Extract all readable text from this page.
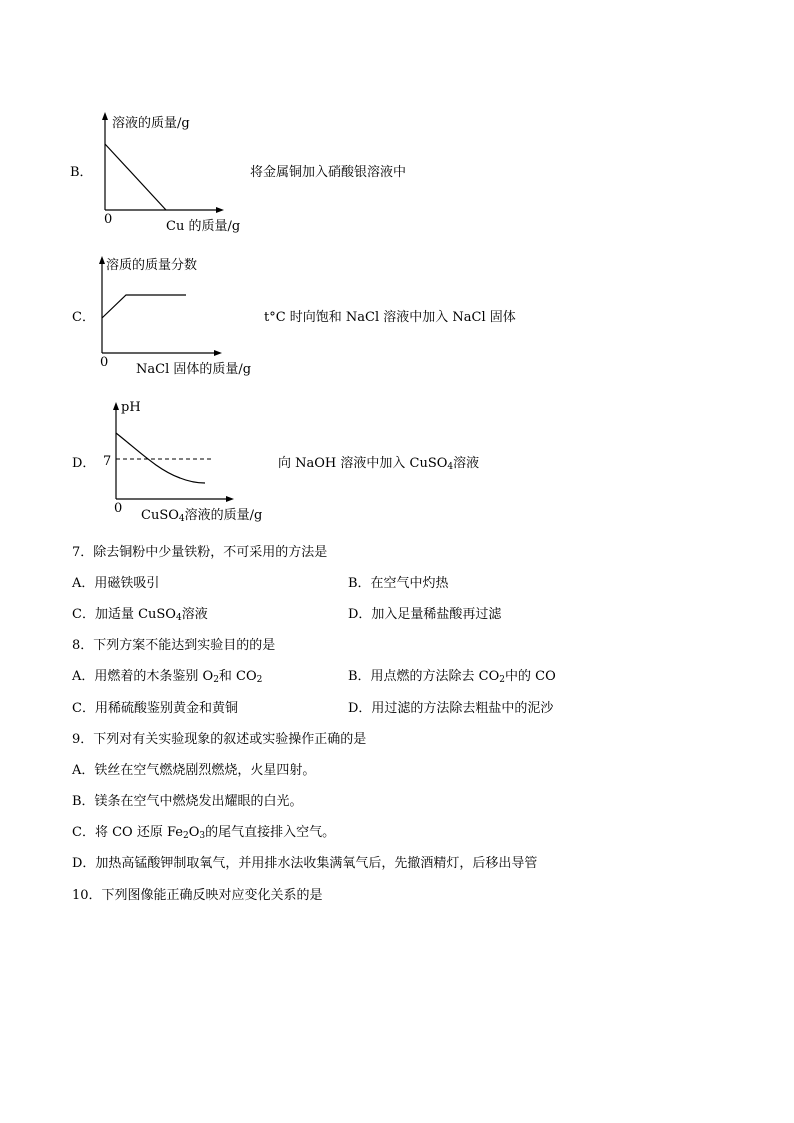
B．
溶液的质量/g
0	Cu 的质量/g
将金属铜加入硝酸银溶液中
C．
溶质的质量分数
0 NaCl 固体的质量/g
t°C 时向饱和 NaCl 溶液中加入 NaCl 固体
D．
pH
7
0 CuSO$_4$溶液的质量/g
向 NaOH 溶液中加入 CuSO$_4$溶液
7．除去铜粉中少量铁粉，不可采用的方法是
A．用磁铁吸引	B．在空气中灼热
C．加适量 CuSO$_4$溶液	D．加入足量稀盐酸再过滤
8．下列方案不能达到实验目的的是
A．用燃着的木条鉴别 $O_2$和 $CO_2$	B．用点燃的方法除去 $CO_2$中的 CO
C．用稀硫酸鉴别黄金和黄铜	D．用过滤的方法除去粗盐中的泥沙
9．下列对有关实验现象的叙述或实验操作正确的是
A．铁丝在空气燃烧剧烈燃烧，火星四射。
B．镁条在空气中燃烧发出耀眼的白光。
C．将 CO 还原 $Fe_2O_3$的尾气直接排入空气。
D．加热高锰酸钾制取氧气，并用排水法收集满氧气后，先撤酒精灯，后移出导管
10．下列图像能正确反映对应变化关系的是
